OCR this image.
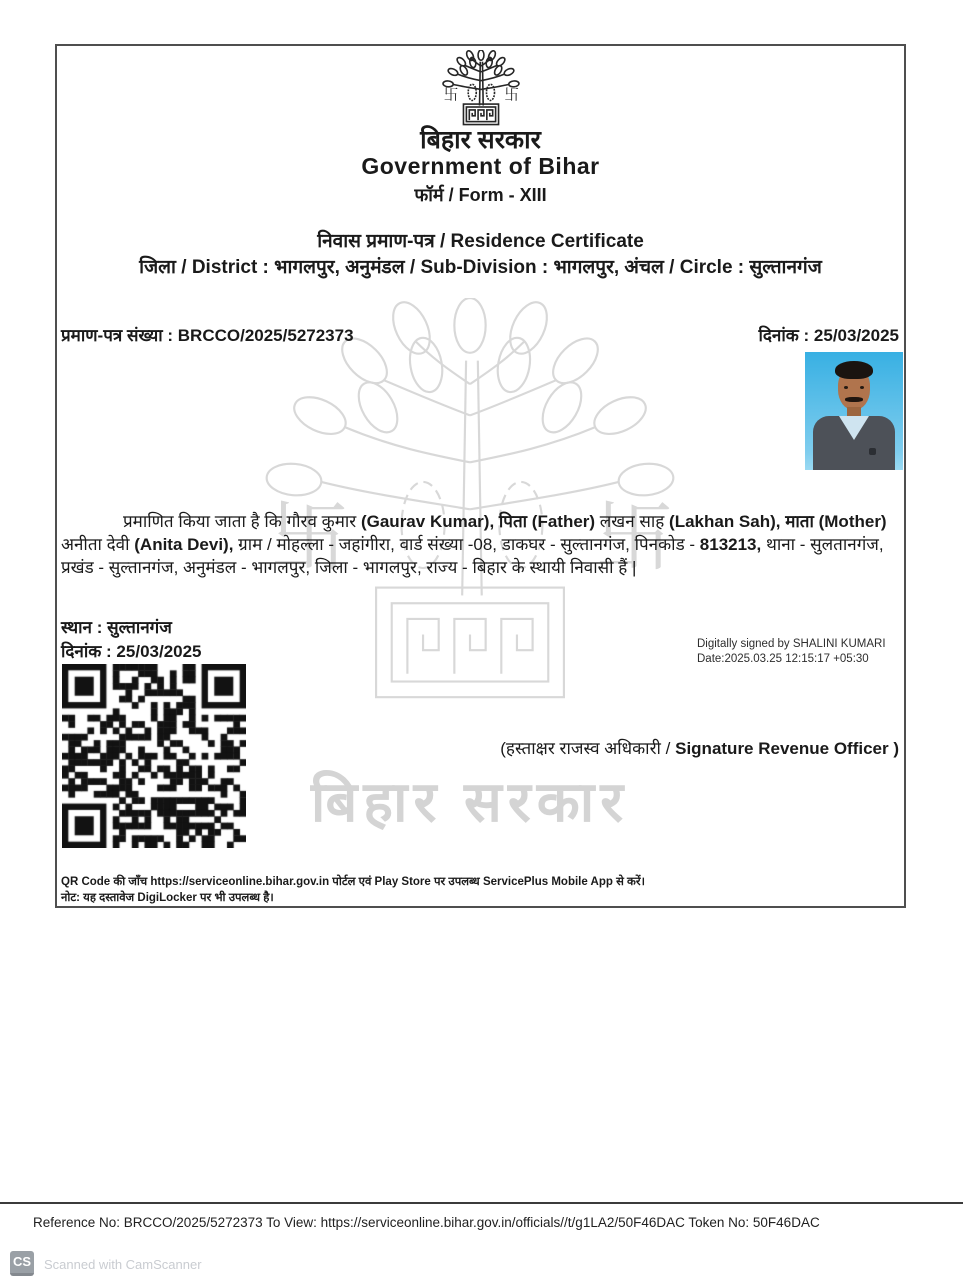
बिहार सरकार
बिहार सरकार
Government of Bihar
फॉर्म / Form - XIII
निवास प्रमाण-पत्र / Residence Certificate
जिला / District : भागलपुर, अनुमंडल / Sub-Division : भागलपुर, अंचल / Circle : सुल्तानगंज
प्रमाण-पत्र संख्या : BRCCO/2025/5272373	दिनांक : 25/03/2025
प्रमाणित किया जाता है कि गौरव कुमार (Gaurav Kumar), पिता (Father) लखन साह (Lakhan Sah), माता (Mother) अनीता देवी (Anita Devi), ग्राम / मोहल्ला - जहांगीरा, वार्ड संख्या -08, डाकघर - सुल्तानगंज, पिनकोड - 813213, थाना - सुलतानगंज, प्रखंड - सुल्तानगंज, अनुमंडल - भागलपुर, जिला - भागलपुर, राज्य - बिहार के स्थायी निवासी हैं |
स्थान : सुल्तानगंज
दिनांक : 25/03/2025	Digitally signed by SHALINI KUMARI
Date:2025.03.25 12:15:17 +05:30
(हस्ताक्षर राजस्व अधिकारी / Signature Revenue Officer )
QR Code की जाँच https://serviceonline.bihar.gov.in पोर्टल एवं Play Store पर उपलब्ध ServicePlus Mobile App से करें।
नोट: यह दस्तावेज DigiLocker पर भी उपलब्ध है।
Reference No: BRCCO/2025/5272373 To View: https://serviceonline.bihar.gov.in/officials//t/g1LA2/50F46DAC Token No: 50F46DAC
CS Scanned with CamScanner
